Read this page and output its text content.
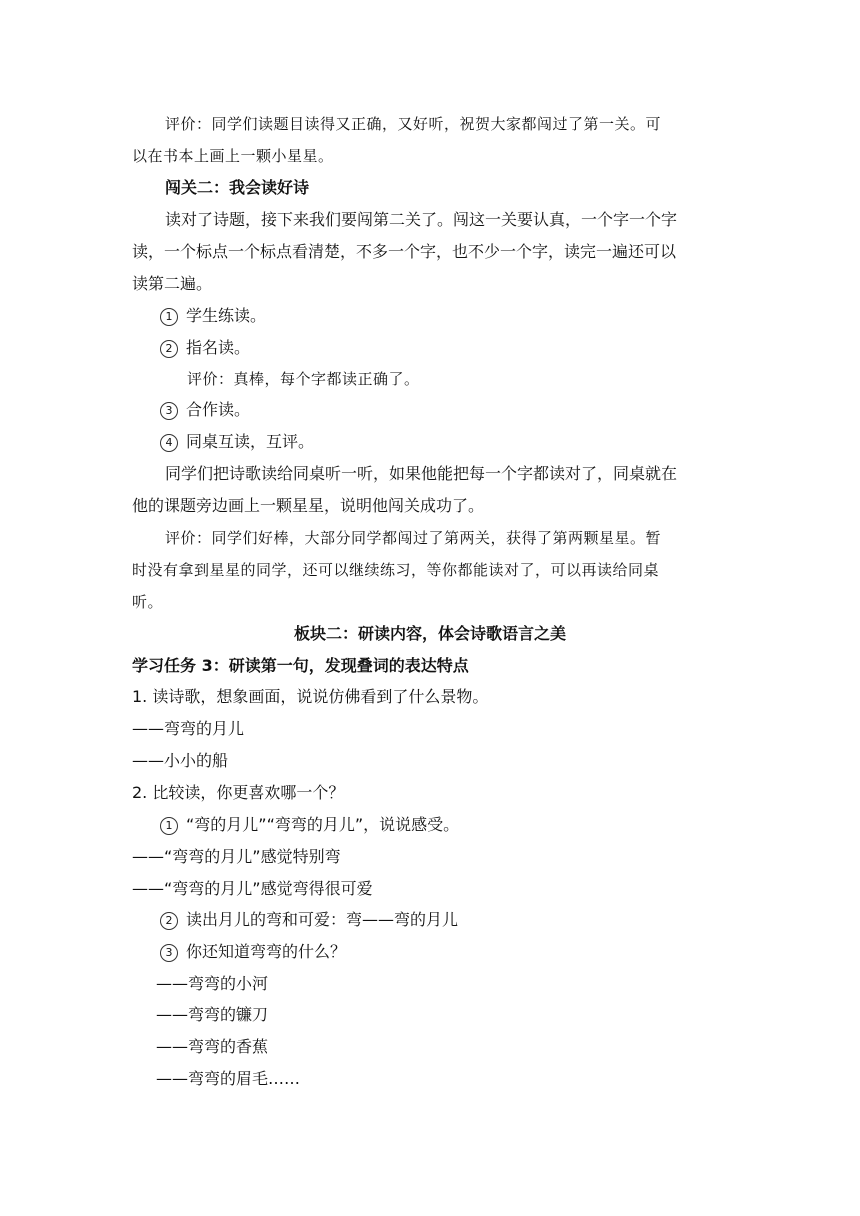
评价：同学们读题目读得又正确，又好听，祝贺大家都闯过了第一关。可
以在书本上画上一颗小星星。
闯关二：我会读好诗
读对了诗题，接下来我们要闯第二关了。闯这一关要认真，一个字一个字
读，一个标点一个标点看清楚，不多一个字，也不少一个字，读完一遍还可以
读第二遍。
1 学生练读。
2 指名读。
评价：真棒，每个字都读正确了。
3 合作读。
4 同桌互读，互评。
同学们把诗歌读给同桌听一听，如果他能把每一个字都读对了，同桌就在
他的课题旁边画上一颗星星，说明他闯关成功了。
评价：同学们好棒，大部分同学都闯过了第两关，获得了第两颗星星。暂
时没有拿到星星的同学，还可以继续练习，等你都能读对了，可以再读给同桌
听。
板块二：研读内容，体会诗歌语言之美
学习任务 3：研读第一句，发现叠词的表达特点
1. 读诗歌，想象画面，说说仿佛看到了什么景物。
——弯弯的月儿
——小小的船
2. 比较读，你更喜欢哪一个？
1 “弯的月儿”“弯弯的月儿”，说说感受。
——“弯弯的月儿”感觉特别弯
——“弯弯的月儿”感觉弯得很可爱
2 读出月儿的弯和可爱：弯——弯的月儿
3 你还知道弯弯的什么？
——弯弯的小河
——弯弯的镰刀
——弯弯的香蕉
——弯弯的眉毛……
